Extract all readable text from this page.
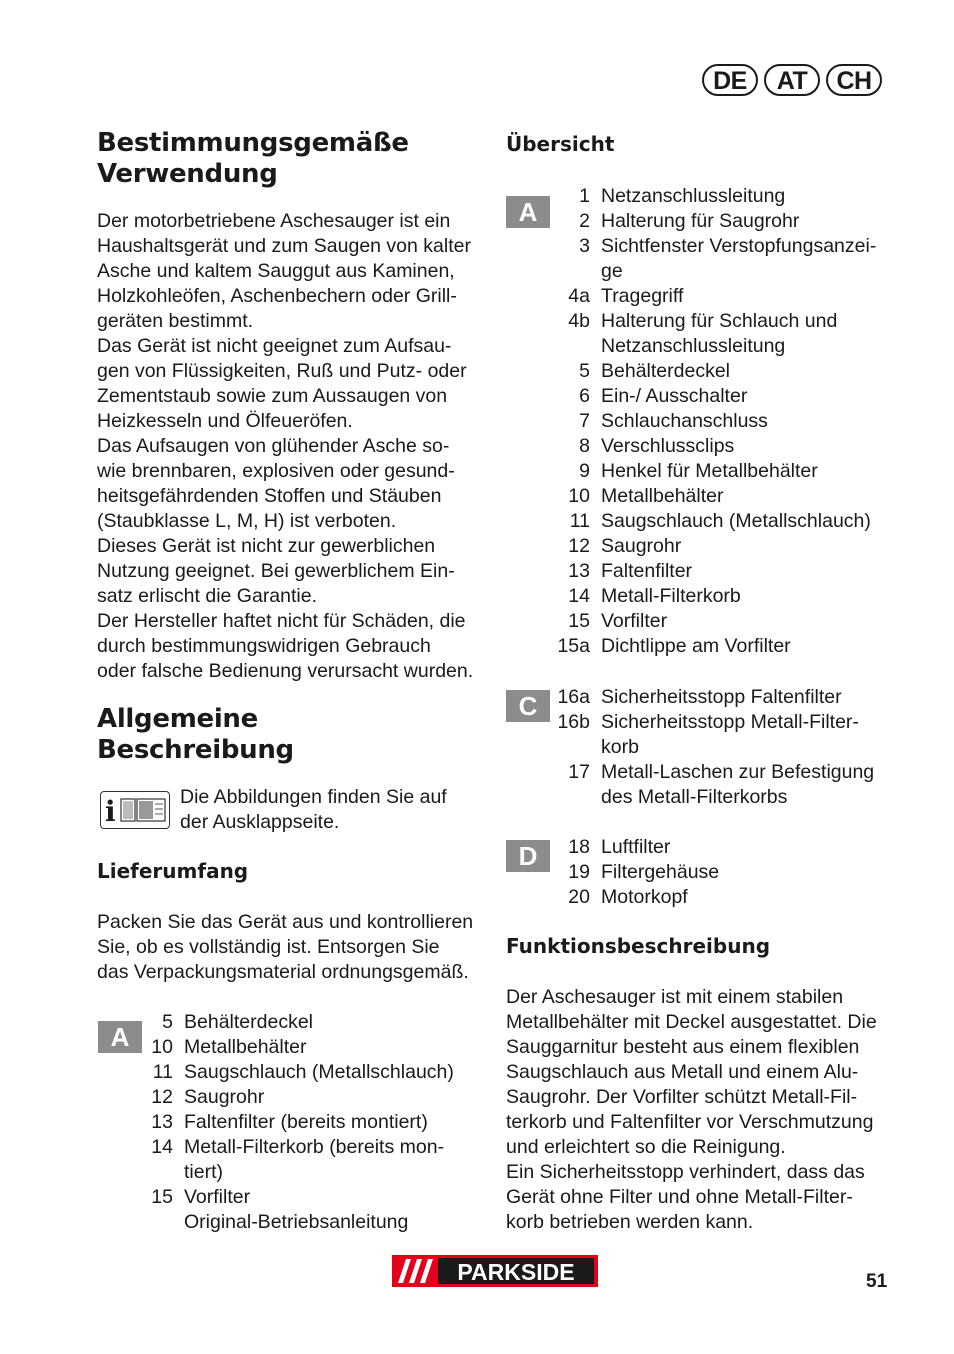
DE	AT	CH
Bestimmungsgemäße
Verwendung

Der motorbetriebene Aschesauger ist ein

Haushaltsgerät und zum Saugen von kalter

Asche und kaltem Sauggut aus Kaminen,

Holzkohleöfen, Aschenbechern oder Grill-

geräten bestimmt.

Das Gerät ist nicht geeignet zum Aufsau-

gen von Flüssigkeiten, Ruß und Putz- oder

Zementstaub sowie zum Aussaugen von

Heizkesseln und Ölfeueröfen.

Das Aufsaugen von glühender Asche so-

wie brennbaren, explosiven oder gesund-

heitsgefährdenden Stoffen und Stäuben

(Staubklasse L, M, H) ist verboten.

Dieses Gerät ist nicht zur gewerblichen

Nutzung geeignet. Bei gewerblichem Ein-

satz erlischt die Garantie.

Der Hersteller haftet nicht für Schäden, die

durch bestimmungswidrigen Gebrauch

oder falsche Bedienung verursacht wurden.

Allgemeine
Beschreibung
i	Die Abbildungen finden Sie auf

der Ausklappseite.

Lieferumfang

Packen Sie das Gerät aus und kontrollieren

Sie, ob es vollständig ist. Entsorgen Sie

das Verpackungsmaterial ordnungsgemäß.

A	5 Behälterdeckel
10 Metallbehälter
11 Saugschlauch (Metallschlauch)
12 Saugrohr
13 Faltenfilter (bereits montiert)
14 Metall-Filterkorb (bereits mon-
tiert)
15 Vorfilter
Original-Betriebsanleitung
Übersicht
A
1 Netzanschlussleitung
2 Halterung für Saugrohr
3 Sichtfenster Verstopfungsanzei-
ge
4a Tragegriff
4b Halterung für Schlauch und
Netzanschlussleitung
5 Behälterdeckel
6 Ein-/ Ausschalter
7 Schlauchanschluss
8 Verschlussclips
9 Henkel für Metallbehälter
10 Metallbehälter
11 Saugschlauch (Metallschlauch)
12 Saugrohr
13 Faltenfilter
14 Metall-Filterkorb
15 Vorfilter
15a Dichtlippe am Vorfilter
C	16a Sicherheitsstopp Faltenfilter
16b Sicherheitsstopp Metall-Filter-
korb
17 Metall-Laschen zur Befestigung
des Metall-Filterkorbs
D	18 Luftfilter
19 Filtergehäuse
20 Motorkopf
Funktionsbeschreibung

Der Aschesauger ist mit einem stabilen

Metallbehälter mit Deckel ausgestattet. Die

Sauggarnitur besteht aus einem flexiblen

Saugschlauch aus Metall und einem Alu-

Saugrohr. Der Vorfilter schützt Metall-Fil-

terkorb und Faltenfilter vor Verschmutzung

und erleichtert so die Reinigung.

Ein Sicherheitsstopp verhindert, dass das

Gerät ohne Filter und ohne Metall-Filter-

korb betrieben werden kann.

PARKSIDE	51
